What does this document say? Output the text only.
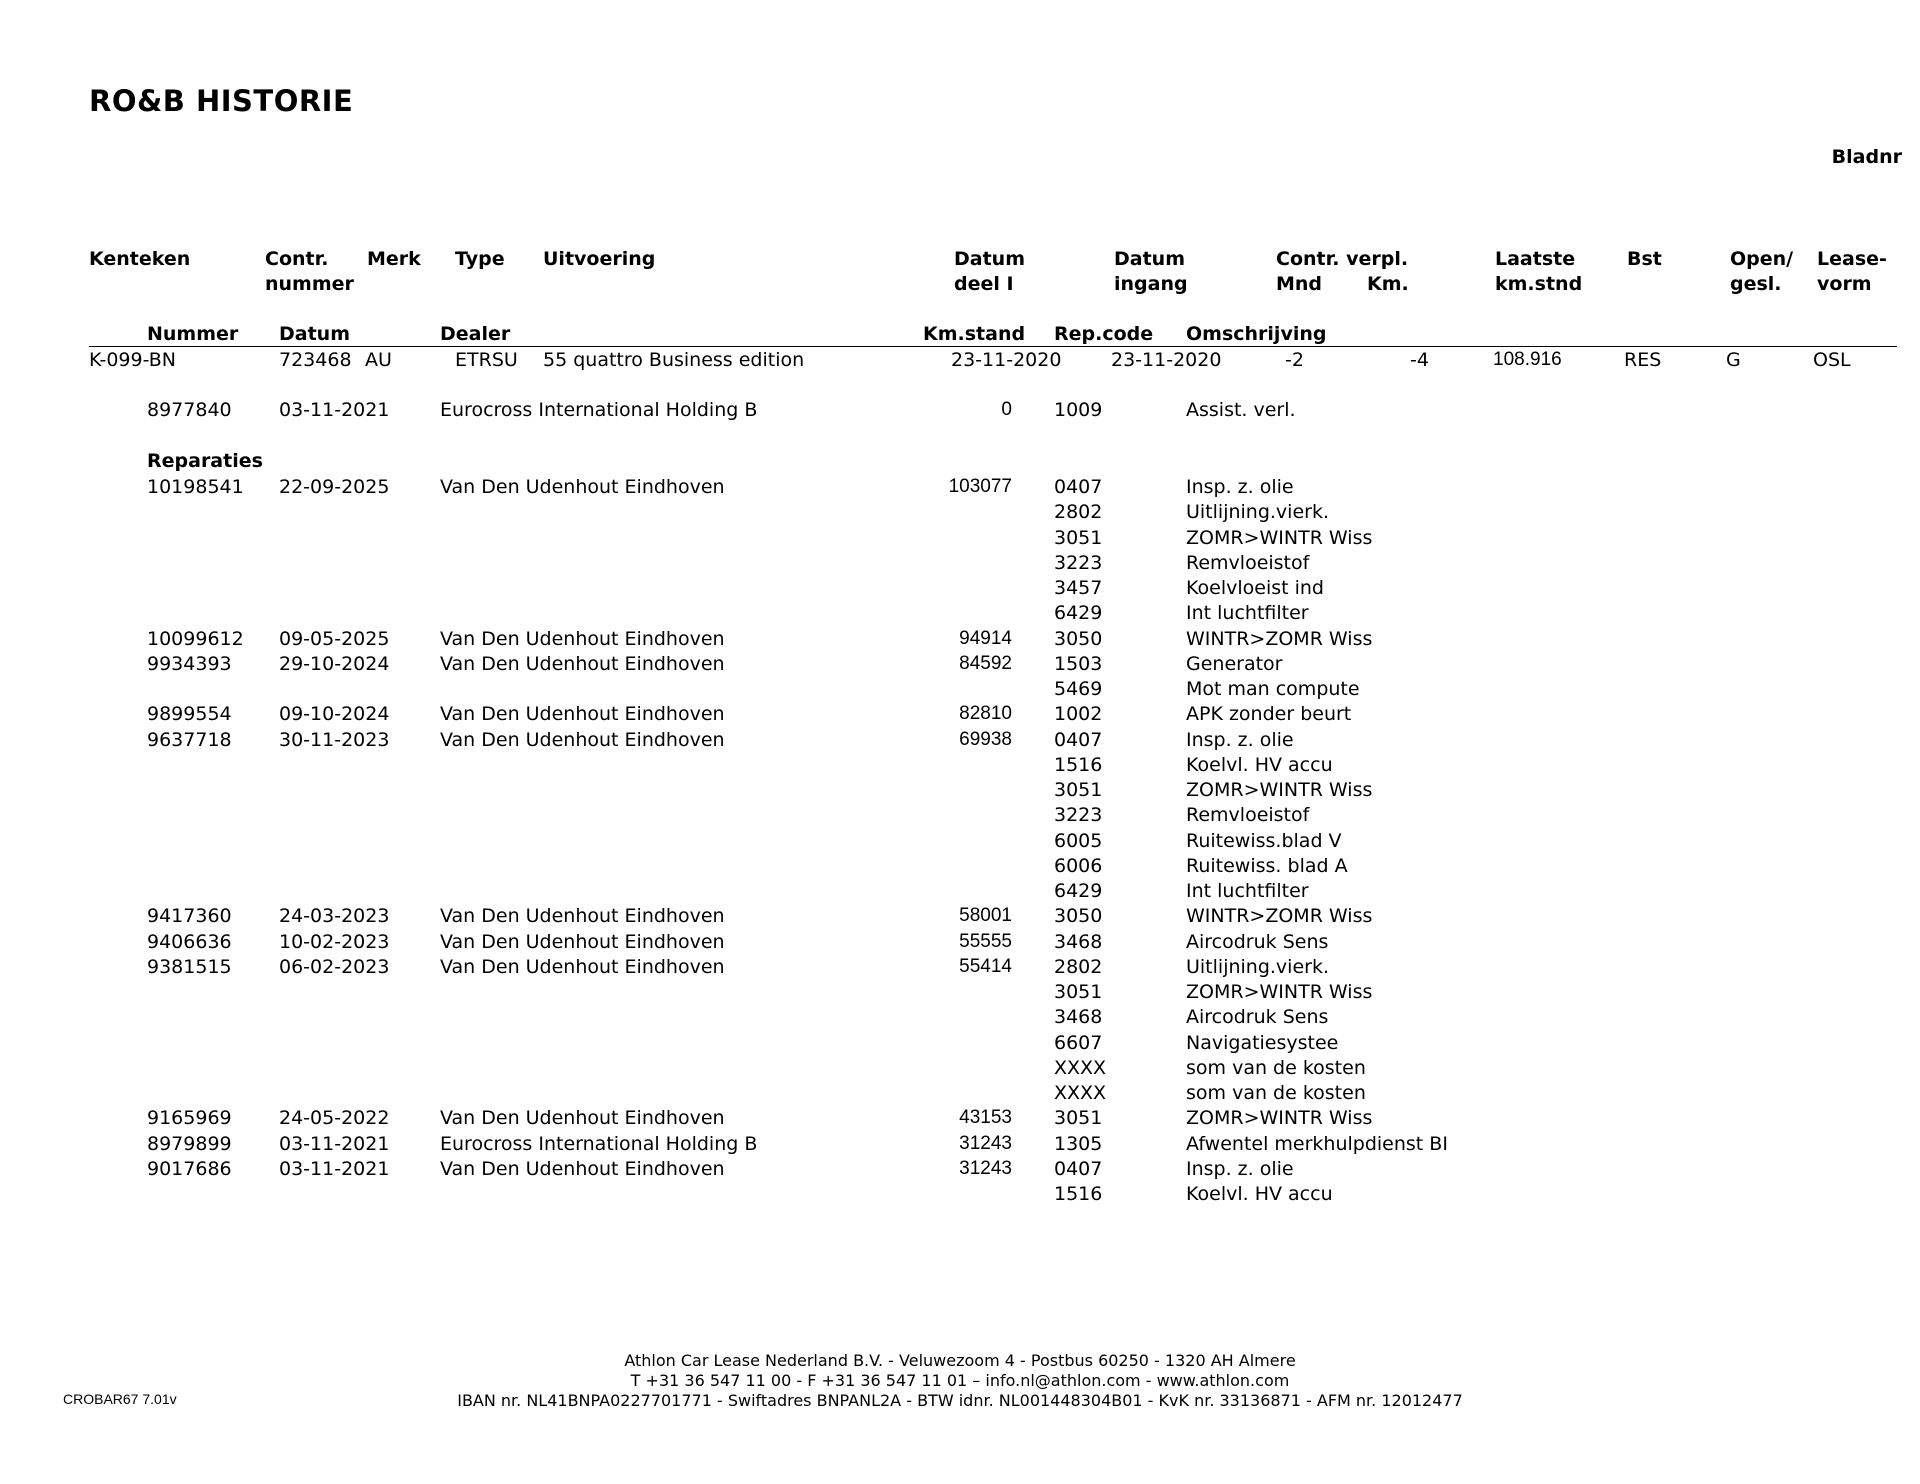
RO&B HISTORIE
Bladnr
Kenteken	Contr.
nummer
Merk Type Uitvoering	Datum
deel I
Datum
ingang
Contr. verpl.
Mnd Km.
Laatste
km.stnd
Bst	Open/
gesl.
Lease-
vorm
Nummer Datum	Dealer	Km.stand Rep.code Omschrijving
K-099-BN	723468 AU	ETRSU 55 quattro Business edition	23-11-2020	23-11-2020	-2	-4	108.916	RES	G	OSL
8977840 03-11-2021	Eurocross International Holding B	0 1009	Assist. verl.
Reparaties
10198541 22-09-2025	Van Den Udenhout Eindhoven	103077 0407	Insp. z. olie
2802	Uitlijning.vierk.
3051	ZOMR>WINTR Wiss
3223	Remvloeistof
3457	Koelvloeist ind
6429	Int luchtfilter
10099612 09-05-2025	Van Den Udenhout Eindhoven	94914 3050	WINTR>ZOMR Wiss
9934393 29-10-2024	Van Den Udenhout Eindhoven	84592 1503	Generator
5469	Mot man compute
9899554 09-10-2024	Van Den Udenhout Eindhoven	82810 1002	APK zonder beurt
9637718 30-11-2023	Van Den Udenhout Eindhoven	69938 0407	Insp. z. olie
1516	Koelvl. HV accu
3051	ZOMR>WINTR Wiss
3223	Remvloeistof
6005	Ruitewiss.blad V
6006	Ruitewiss. blad A
6429	Int luchtfilter
9417360 24-03-2023	Van Den Udenhout Eindhoven	58001 3050	WINTR>ZOMR Wiss
9406636 10-02-2023	Van Den Udenhout Eindhoven	55555 3468	Aircodruk Sens
9381515 06-02-2023	Van Den Udenhout Eindhoven	55414 2802	Uitlijning.vierk.
3051	ZOMR>WINTR Wiss
3468	Aircodruk Sens
6607	Navigatiesystee
XXXX	som van de kosten
XXXX	som van de kosten
9165969 24-05-2022	Van Den Udenhout Eindhoven	43153 3051	ZOMR>WINTR Wiss
8979899 03-11-2021	Eurocross International Holding B	31243 1305	Afwentel merkhulpdienst BI
9017686 03-11-2021	Van Den Udenhout Eindhoven	31243 0407	Insp. z. olie
1516	Koelvl. HV accu
Athlon Car Lease Nederland B.V. - Veluwezoom 4 - Postbus 60250 - 1320 AH Almere
T +31 36 547 11 00 - F +31 36 547 11 01 – info.nl@athlon.com - www.athlon.com
IBAN nr. NL41BNPA0227701771 - Swiftadres BNPANL2A - BTW idnr. NL001448304B01 - KvK nr. 33136871 - AFM nr. 12012477
CROBAR67 7.01v
